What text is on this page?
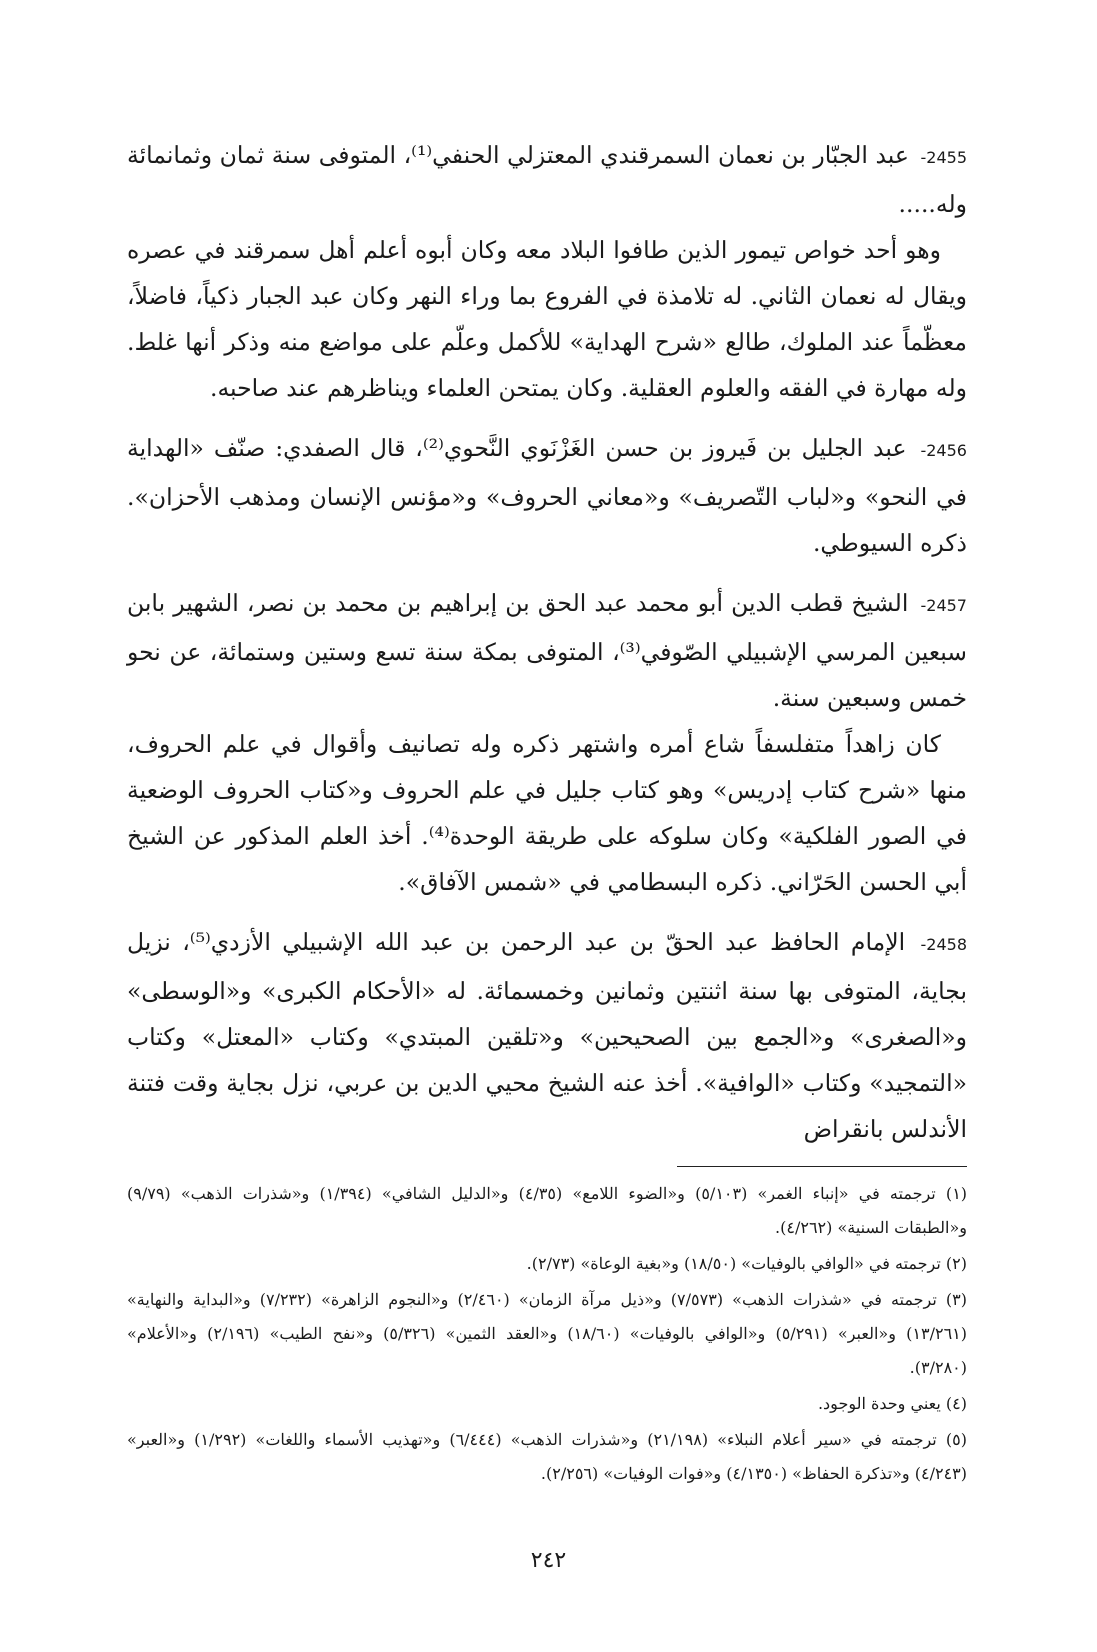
2455- عبد الجبّار بن نعمان السمرقندي المعتزلي الحنفي⁽¹⁾، المتوفى سنة ثمان وثمانمائة وله.....

وهو أحد خواص تيمور الذين طافوا البلاد معه وكان أبوه أعلم أهل سمرقند في عصره ويقال له نعمان الثاني. له تلامذة في الفروع بما وراء النهر وكان عبد الجبار ذكياً، فاضلاً، معظّماً عند الملوك، طالع «شرح الهداية» للأكمل وعلّم على مواضع منه وذكر أنها غلط. وله مهارة في الفقه والعلوم العقلية. وكان يمتحن العلماء ويناظرهم عند صاحبه.

2456- عبد الجليل بن فَيروز بن حسن الغَزْنَوي النَّحوي⁽²⁾، قال الصفدي: صنّف «الهداية في النحو» و«لباب التّصريف» و«معاني الحروف» و«مؤنس الإنسان ومذهب الأحزان». ذكره السيوطي.
2457- الشيخ قطب الدين أبو محمد عبد الحق بن إبراهيم بن محمد بن نصر، الشهير بابن سبعين المرسي الإشبيلي الصّوفي⁽³⁾، المتوفى بمكة سنة تسع وستين وستمائة، عن نحو خمس وسبعين سنة.

كان زاهداً متفلسفاً شاع أمره واشتهر ذكره وله تصانيف وأقوال في علم الحروف، منها «شرح كتاب إدريس» وهو كتاب جليل في علم الحروف و«كتاب الحروف الوضعية في الصور الفلكية» وكان سلوكه على طريقة الوحدة⁽⁴⁾. أخذ العلم المذكور عن الشيخ أبي الحسن الحَرّاني. ذكره البسطامي في «شمس الآفاق».

2458- الإمام الحافظ عبد الحقّ بن عبد الرحمن بن عبد الله الإشبيلي الأزدي⁽⁵⁾، نزيل بجاية، المتوفى بها سنة اثنتين وثمانين وخمسمائة. له «الأحكام الكبرى» و«الوسطى» و«الصغرى» و«الجمع بين الصحيحين» و«تلقين المبتدي» وكتاب «المعتل» وكتاب «التمجيد» وكتاب «الوافية». أخذ عنه الشيخ محيي الدين بن عربي، نزل بجاية وقت فتنة الأندلس بانقراض

(١) ترجمته في «إنباء الغمر» (٥/١٠٣) و«الضوء اللامع» (٤/٣٥) و«الدليل الشافي» (١/٣٩٤) و«شذرات الذهب» (٩/٧٩) و«الطبقات السنية» (٤/٢٦٢).

(٢) ترجمته في «الوافي بالوفيات» (١٨/٥٠) و«بغية الوعاة» (٢/٧٣).

(٣) ترجمته في «شذرات الذهب» (٧/٥٧٣) و«ذيل مرآة الزمان» (٢/٤٦٠) و«النجوم الزاهرة» (٧/٢٣٢) و«البداية والنهاية» (١٣/٢٦١) و«العبر» (٥/٢٩١) و«الوافي بالوفيات» (١٨/٦٠) و«العقد الثمين» (٥/٣٢٦) و«نفح الطيب» (٢/١٩٦) و«الأعلام» (٣/٢٨٠).

(٤) يعني وحدة الوجود.

(٥) ترجمته في «سير أعلام النبلاء» (٢١/١٩٨) و«شذرات الذهب» (٦/٤٤٤) و«تهذيب الأسماء واللغات» (١/٢٩٢) و«العبر» (٤/٢٤٣) و«تذكرة الحفاظ» (٤/١٣٥٠) و«فوات الوفيات» (٢/٢٥٦).

٢٤٢
